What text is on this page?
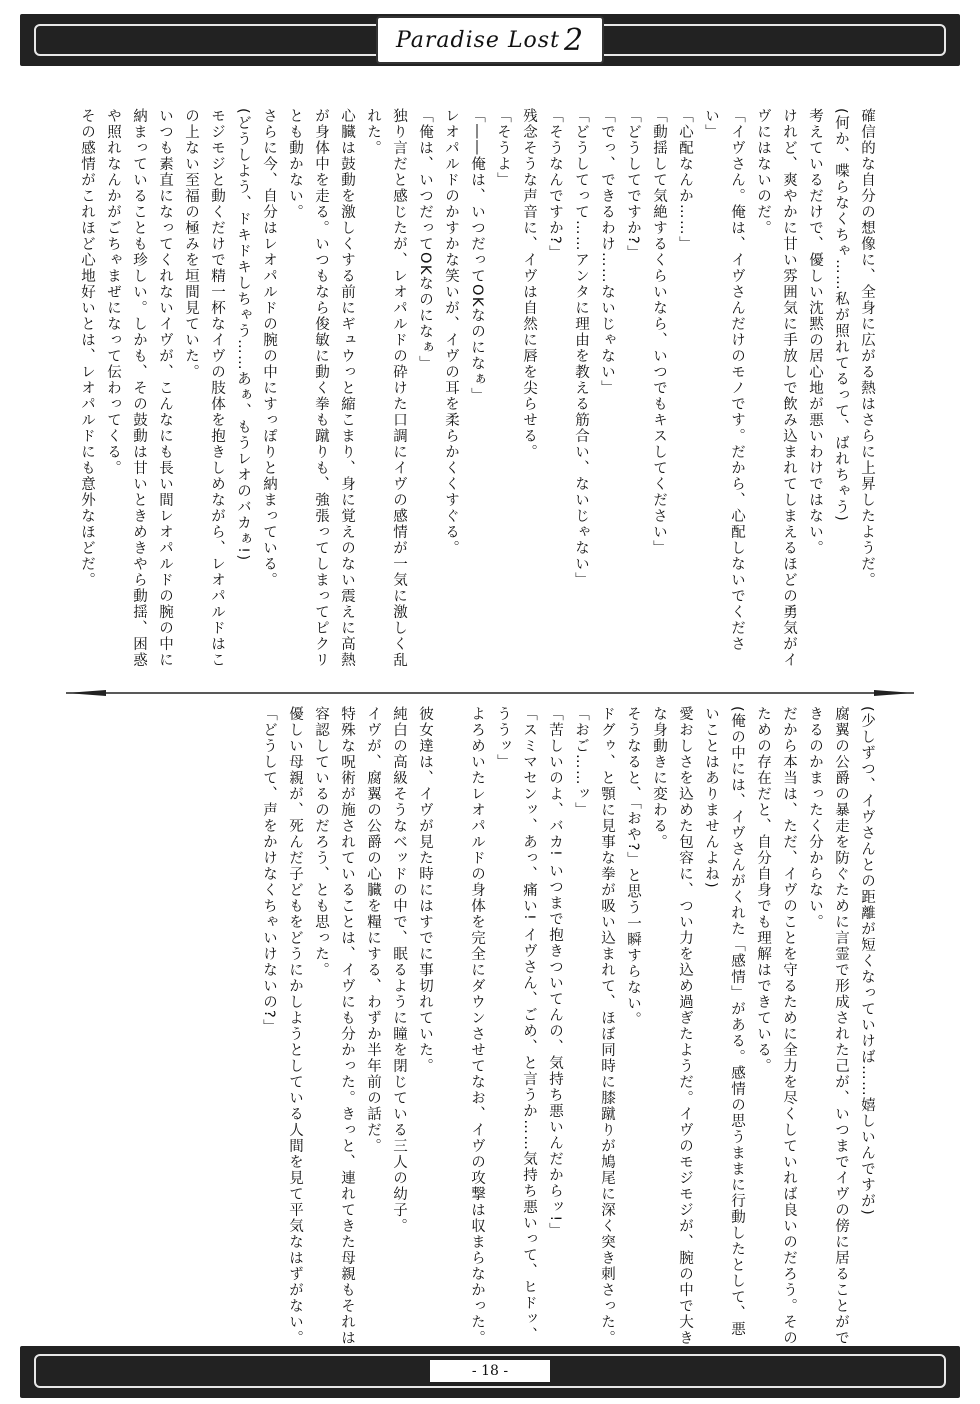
Paradise Lost 2

確信的な自分の想像に、全身に広がる熱はさらに上昇したようだ。

(何か、喋らなくちゃ……私が照れてるって、ばれちゃう)

考えているだけで、優しい沈黙の居心地が悪いわけではない。

けれど、爽やかに甘い雰囲気に手放しで飲み込まれてしまえるほどの勇気がイヴにはないのだ。

「イヴさん。俺は、イヴさんだけのモノです。だから、心配しないでください」

「心配なんか……」

「動揺して気絶するくらいなら、いつでもキスしてください」

「どうしてですか?」

「でっ、できるわけ……ないじゃない」

「どうしてって……アンタに理由を教える筋合い、ないじゃない」

「そうなんですか?」

残念そうな声音に、イヴは自然に唇を尖らせる。

「そうよ」

「――俺は、いつだってOKなのになぁ」

レオパルドのかすかな笑いが、イヴの耳を柔らかくくすぐる。

「俺は、いつだってOKなのになぁ」

独り言だと感じたが、レオパルドの砕けた口調にイヴの感情が一気に激しく乱れた。

心臓は鼓動を激しくする前にギュウっと縮こまり、身に覚えのない震えに高熱が身体中を走る。いつもなら俊敏に動く拳も蹴りも、強張ってしまってピクリとも動かない。

さらに今、自分はレオパルドの腕の中にすっぽりと納まっている。

(どうしよう、ドキドキしちゃう……あぁ、もうレオのバカぁ!)

モジモジと動くだけで精一杯なイヴの肢体を抱きしめながら、レオパルドはこの上ない至福の極みを垣間見ていた。

いつも素直になってくれないイヴが、こんなにも長い間レオパルドの腕の中に納まっていることも珍しい。しかも、その鼓動は甘いときめきやら動揺、困惑や照れなんかがごちゃまぜになって伝わってくる。

その感情がこれほど心地好いとは、レオパルドにも意外なほどだ。

(少しずつ、イヴさんとの距離が短くなっていけば……嬉しいんですが)

腐翼の公爵の暴走を防ぐために言霊で形成された己が、いつまでイヴの傍に居ることができるのかまったく分からない。

だから本当は、ただ、イヴのことを守るために全力を尽くしていれば良いのだろう。そのための存在だと、自分自身でも理解はできている。

(俺の中には、イヴさんがくれた「感情」がある。感情の思うままに行動したとして、悪いことはありませんよね)

愛おしさを込めた包容に、つい力を込め過ぎたようだ。イヴのモジモジが、腕の中で大きな身動きに変わる。

そうなると、「おや?」と思う一瞬すらない。

ドグゥ、と顎に見事な拳が吸い込まれて、ほぼ同時に膝蹴りが鳩尾に深く突き刺さった。

「おご……ッ」

「苦しいのよ、バカ! いつまで抱きついてんの、気持ち悪いんだからッ!」

「スミマセンッ、あっ、痛い! イヴさん、ごめ、と言うか……気持ち悪いって、ヒドッ、ううッ」

よろめいたレオパルドの身体を完全にダウンさせてなお、イヴの攻撃は収まらなかった。

彼女達は、イヴが見た時にはすでに事切れていた。

純白の高級そうなベッドの中で、眠るように瞳を閉じている三人の幼子。

イヴが、腐翼の公爵の心臓を糧にする、わずか半年前の話だ。

特殊な呪術が施されていることは、イヴにも分かった。きっと、連れてきた母親もそれは容認しているのだろう、とも思った。

優しい母親が、死んだ子どもをどうにかしようとしている人間を見て平気なはずがない。

「どうして、声をかけなくちゃいけないの?」

- 18 -
